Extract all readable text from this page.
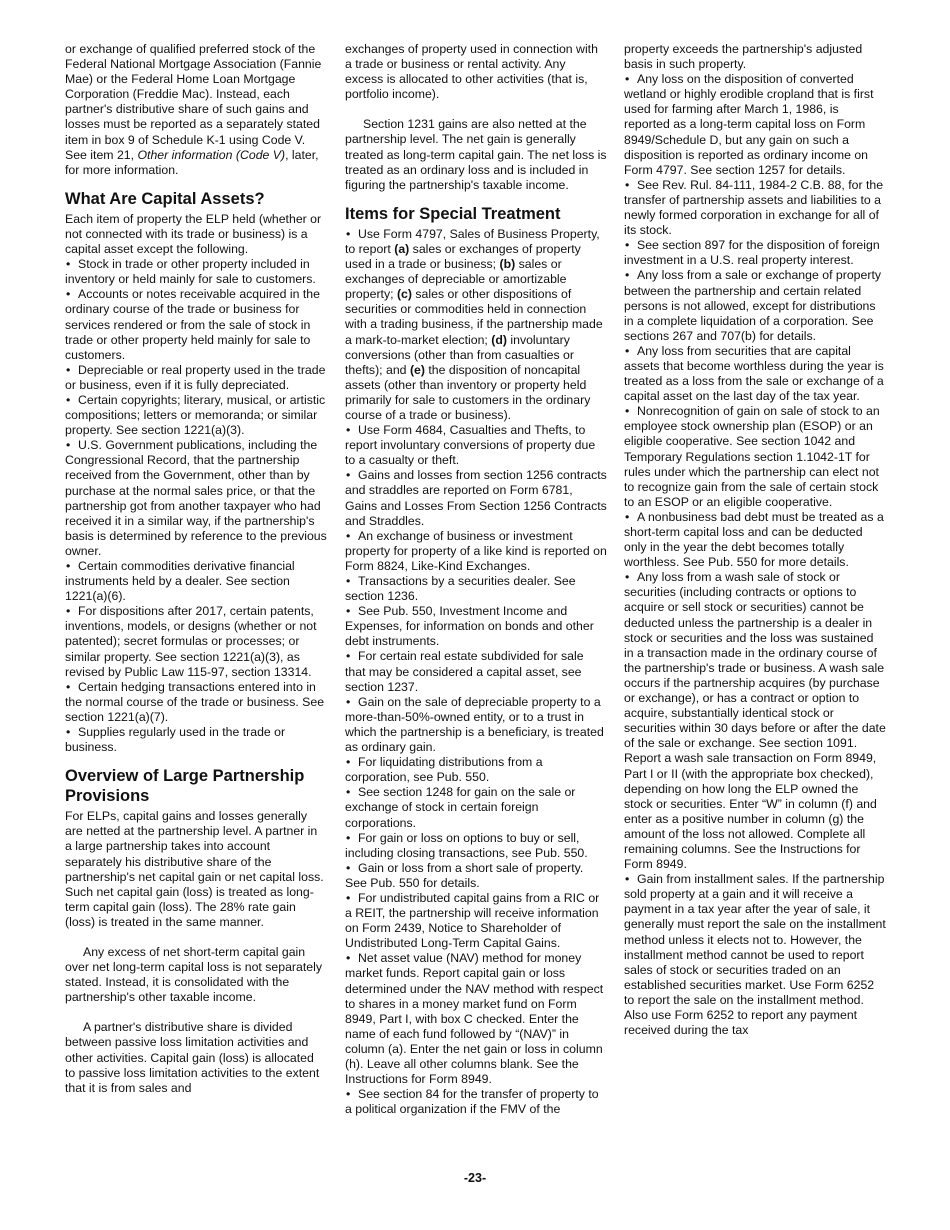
or exchange of qualified preferred stock of the Federal National Mortgage Association (Fannie Mae) or the Federal Home Loan Mortgage Corporation (Freddie Mac). Instead, each partner's distributive share of such gains and losses must be reported as a separately stated item in box 9 of Schedule K-1 using Code V. See item 21, Other information (Code V), later, for more information.

What Are Capital Assets?

Each item of property the ELP held (whether or not connected with its trade or business) is a capital asset except the following.

• Stock in trade or other property included in inventory or held mainly for sale to customers.
• Accounts or notes receivable acquired in the ordinary course of the trade or business for services rendered or from the sale of stock in trade or other property held mainly for sale to customers.
• Depreciable or real property used in the trade or business, even if it is fully depreciated.
• Certain copyrights; literary, musical, or artistic compositions; letters or memoranda; or similar property. See section 1221(a)(3).
• U.S. Government publications, including the Congressional Record, that the partnership received from the Government, other than by purchase at the normal sales price, or that the partnership got from another taxpayer who had received it in a similar way, if the partnership's basis is determined by reference to the previous owner.
• Certain commodities derivative financial instruments held by a dealer. See section 1221(a)(6).
• For dispositions after 2017, certain patents, inventions, models, or designs (whether or not patented); secret formulas or processes; or similar property. See section 1221(a)(3), as revised by Public Law 115-97, section 13314.
• Certain hedging transactions entered into in the normal course of the trade or business. See section 1221(a)(7).
• Supplies regularly used in the trade or business.
Overview of Large Partnership Provisions

For ELPs, capital gains and losses generally are netted at the partnership level. A partner in a large partnership takes into account separately his distributive share of the partnership's net capital gain or net capital loss. Such net capital gain (loss) is treated as long-term capital gain (loss). The 28% rate gain (loss) is treated in the same manner.

Any excess of net short-term capital gain over net long-term capital loss is not separately stated. Instead, it is consolidated with the partnership's other taxable income.

A partner's distributive share is divided between passive loss limitation activities and other activities. Capital gain (loss) is allocated to passive loss limitation activities to the extent that it is from sales and

exchanges of property used in connection with a trade or business or rental activity. Any excess is allocated to other activities (that is, portfolio income).

Section 1231 gains are also netted at the partnership level. The net gain is generally treated as long-term capital gain. The net loss is treated as an ordinary loss and is included in figuring the partnership's taxable income.

Items for Special Treatment
• Use Form 4797, Sales of Business Property, to report (a) sales or exchanges of property used in a trade or business; (b) sales or exchanges of depreciable or amortizable property; (c) sales or other dispositions of securities or commodities held in connection with a trading business, if the partnership made a mark-to-market election; (d) involuntary conversions (other than from casualties or thefts); and (e) the disposition of noncapital assets (other than inventory or property held primarily for sale to customers in the ordinary course of a trade or business).
• Use Form 4684, Casualties and Thefts, to report involuntary conversions of property due to a casualty or theft.
• Gains and losses from section 1256 contracts and straddles are reported on Form 6781, Gains and Losses From Section 1256 Contracts and Straddles.
• An exchange of business or investment property for property of a like kind is reported on Form 8824, Like-Kind Exchanges.
• Transactions by a securities dealer. See section 1236.
• See Pub. 550, Investment Income and Expenses, for information on bonds and other debt instruments.
• For certain real estate subdivided for sale that may be considered a capital asset, see section 1237.
• Gain on the sale of depreciable property to a more-than-50%-owned entity, or to a trust in which the partnership is a beneficiary, is treated as ordinary gain.
• For liquidating distributions from a corporation, see Pub. 550.
• See section 1248 for gain on the sale or exchange of stock in certain foreign corporations.
• For gain or loss on options to buy or sell, including closing transactions, see Pub. 550.
• Gain or loss from a short sale of property. See Pub. 550 for details.
• For undistributed capital gains from a RIC or a REIT, the partnership will receive information on Form 2439, Notice to Shareholder of Undistributed Long-Term Capital Gains.
• Net asset value (NAV) method for money market funds. Report capital gain or loss determined under the NAV method with respect to shares in a money market fund on Form 8949, Part I, with box C checked. Enter the name of each fund followed by “(NAV)” in column (a). Enter the net gain or loss in column (h). Leave all other columns blank. See the Instructions for Form 8949.
• See section 84 for the transfer of property to a political organization if the FMV of the

property exceeds the partnership's adjusted basis in such property.

• Any loss on the disposition of converted wetland or highly erodible cropland that is first used for farming after March 1, 1986, is reported as a long-term capital loss on Form 8949/Schedule D, but any gain on such a disposition is reported as ordinary income on Form 4797. See section 1257 for details.
• See Rev. Rul. 84-111, 1984-2 C.B. 88, for the transfer of partnership assets and liabilities to a newly formed corporation in exchange for all of its stock.
• See section 897 for the disposition of foreign investment in a U.S. real property interest.
• Any loss from a sale or exchange of property between the partnership and certain related persons is not allowed, except for distributions in a complete liquidation of a corporation. See sections 267 and 707(b) for details.
• Any loss from securities that are capital assets that become worthless during the year is treated as a loss from the sale or exchange of a capital asset on the last day of the tax year.
• Nonrecognition of gain on sale of stock to an employee stock ownership plan (ESOP) or an eligible cooperative. See section 1042 and Temporary Regulations section 1.1042-1T for rules under which the partnership can elect not to recognize gain from the sale of certain stock to an ESOP or an eligible cooperative.
• A nonbusiness bad debt must be treated as a short-term capital loss and can be deducted only in the year the debt becomes totally worthless. See Pub. 550 for more details.
• Any loss from a wash sale of stock or securities (including contracts or options to acquire or sell stock or securities) cannot be deducted unless the partnership is a dealer in stock or securities and the loss was sustained in a transaction made in the ordinary course of the partnership's trade or business. A wash sale occurs if the partnership acquires (by purchase or exchange), or has a contract or option to acquire, substantially identical stock or securities within 30 days before or after the date of the sale or exchange. See section 1091. Report a wash sale transaction on Form 8949, Part I or II (with the appropriate box checked), depending on how long the ELP owned the stock or securities. Enter “W” in column (f) and enter as a positive number in column (g) the amount of the loss not allowed. Complete all remaining columns. See the Instructions for Form 8949.
• Gain from installment sales. If the partnership sold property at a gain and it will receive a payment in a tax year after the year of sale, it generally must report the sale on the installment method unless it elects not to. However, the installment method cannot be used to report sales of stock or securities traded on an established securities market. Use Form 6252 to report the sale on the installment method. Also use Form 6252 to report any payment received during the tax
-23-
